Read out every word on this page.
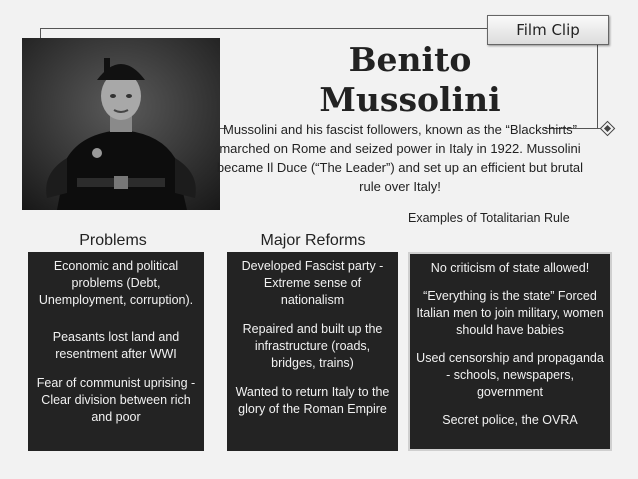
Film Clip
Benito
Mussolini
Mussolini and his fascist followers, known as the “Blackshirts” marched on Rome and seized power in Italy in 1922. Mussolini became Il Duce (“The Leader”) and set up an efficient but brutal rule over Italy!
Problems	Major Reforms
Examples of Totalitarian Rule

Economic and political problems (Debt, Unemployment, corruption).

Peasants lost land and resentment after WWI

Fear of communist uprising - Clear division between rich and poor

Developed Fascist party - Extreme sense of nationalism

Repaired and built up the infrastructure (roads, bridges, trains)

Wanted to return Italy to the glory of the Roman Empire

No criticism of state allowed!

“Everything is the state” Forced Italian men to join military, women should have babies

Used censorship and propaganda - schools, newspapers, government

Secret police, the OVRA
